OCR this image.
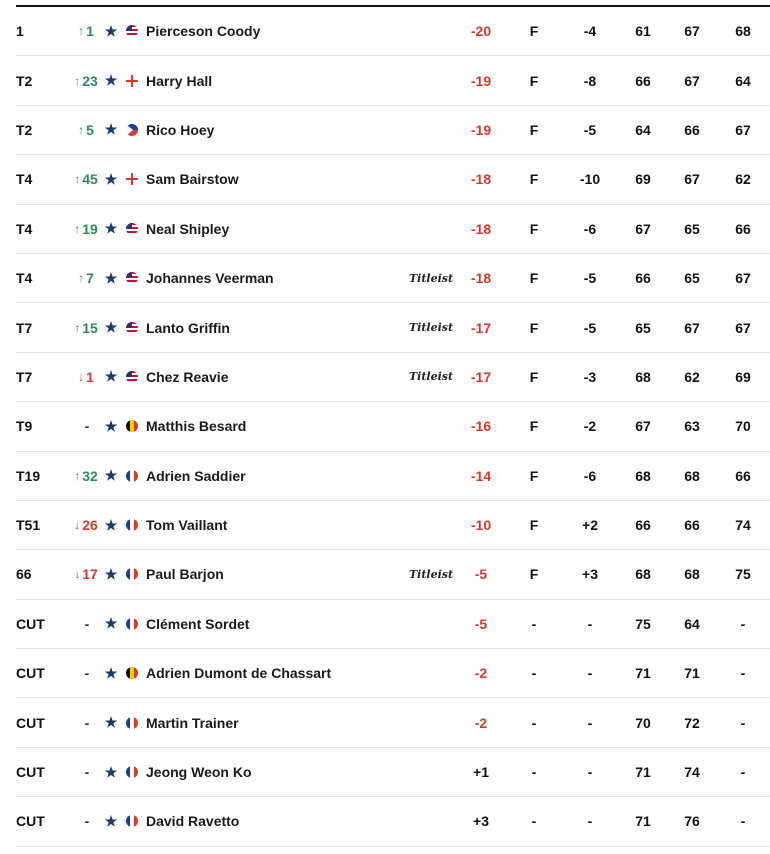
1	↑ 1 ★ Pierceson Coody	-20	F	-4	61	67	68
T2	↑ 23 ★ Harry Hall	-19	F	-8	66	67	64
T2	↑ 5 ★ Rico Hoey	-19	F	-5	64	66	67
T4	↑ 45 ★ Sam Bairstow	-18	F	-10	69	67	62
T4	↑ 19 ★ Neal Shipley	-18	F	-6	67	65	66
T4	↑ 7 ★ Johannes Veerman	Titleist	-18	F	-5	66	65	67
T7	↑ 15 ★ Lanto Griffin	Titleist	-17	F	-5	65	67	67
T7	↓ 1 ★ Chez Reavie	Titleist	-17	F	-3	68	62	69
T9	- ★ Matthis Besard	-16	F	-2	67	63	70
T19	↑ 32 ★ Adrien Saddier	-14	F	-6	68	68	66
T51	↓ 26 ★ Tom Vaillant	-10	F	+2	66	66	74
66	↓ 17 ★ Paul Barjon	Titleist	-5	F	+3	68	68	75
CUT	- ★ Clément Sordet	-5	-	-	75	64	-
CUT	- ★ Adrien Dumont de Chassart	-2	-	-	71	71	-
CUT	- ★ Martin Trainer	-2	-	-	70	72	-
CUT	- ★ Jeong Weon Ko	+1	-	-	71	74	-
CUT	- ★ David Ravetto	+3	-	-	71	76	-
